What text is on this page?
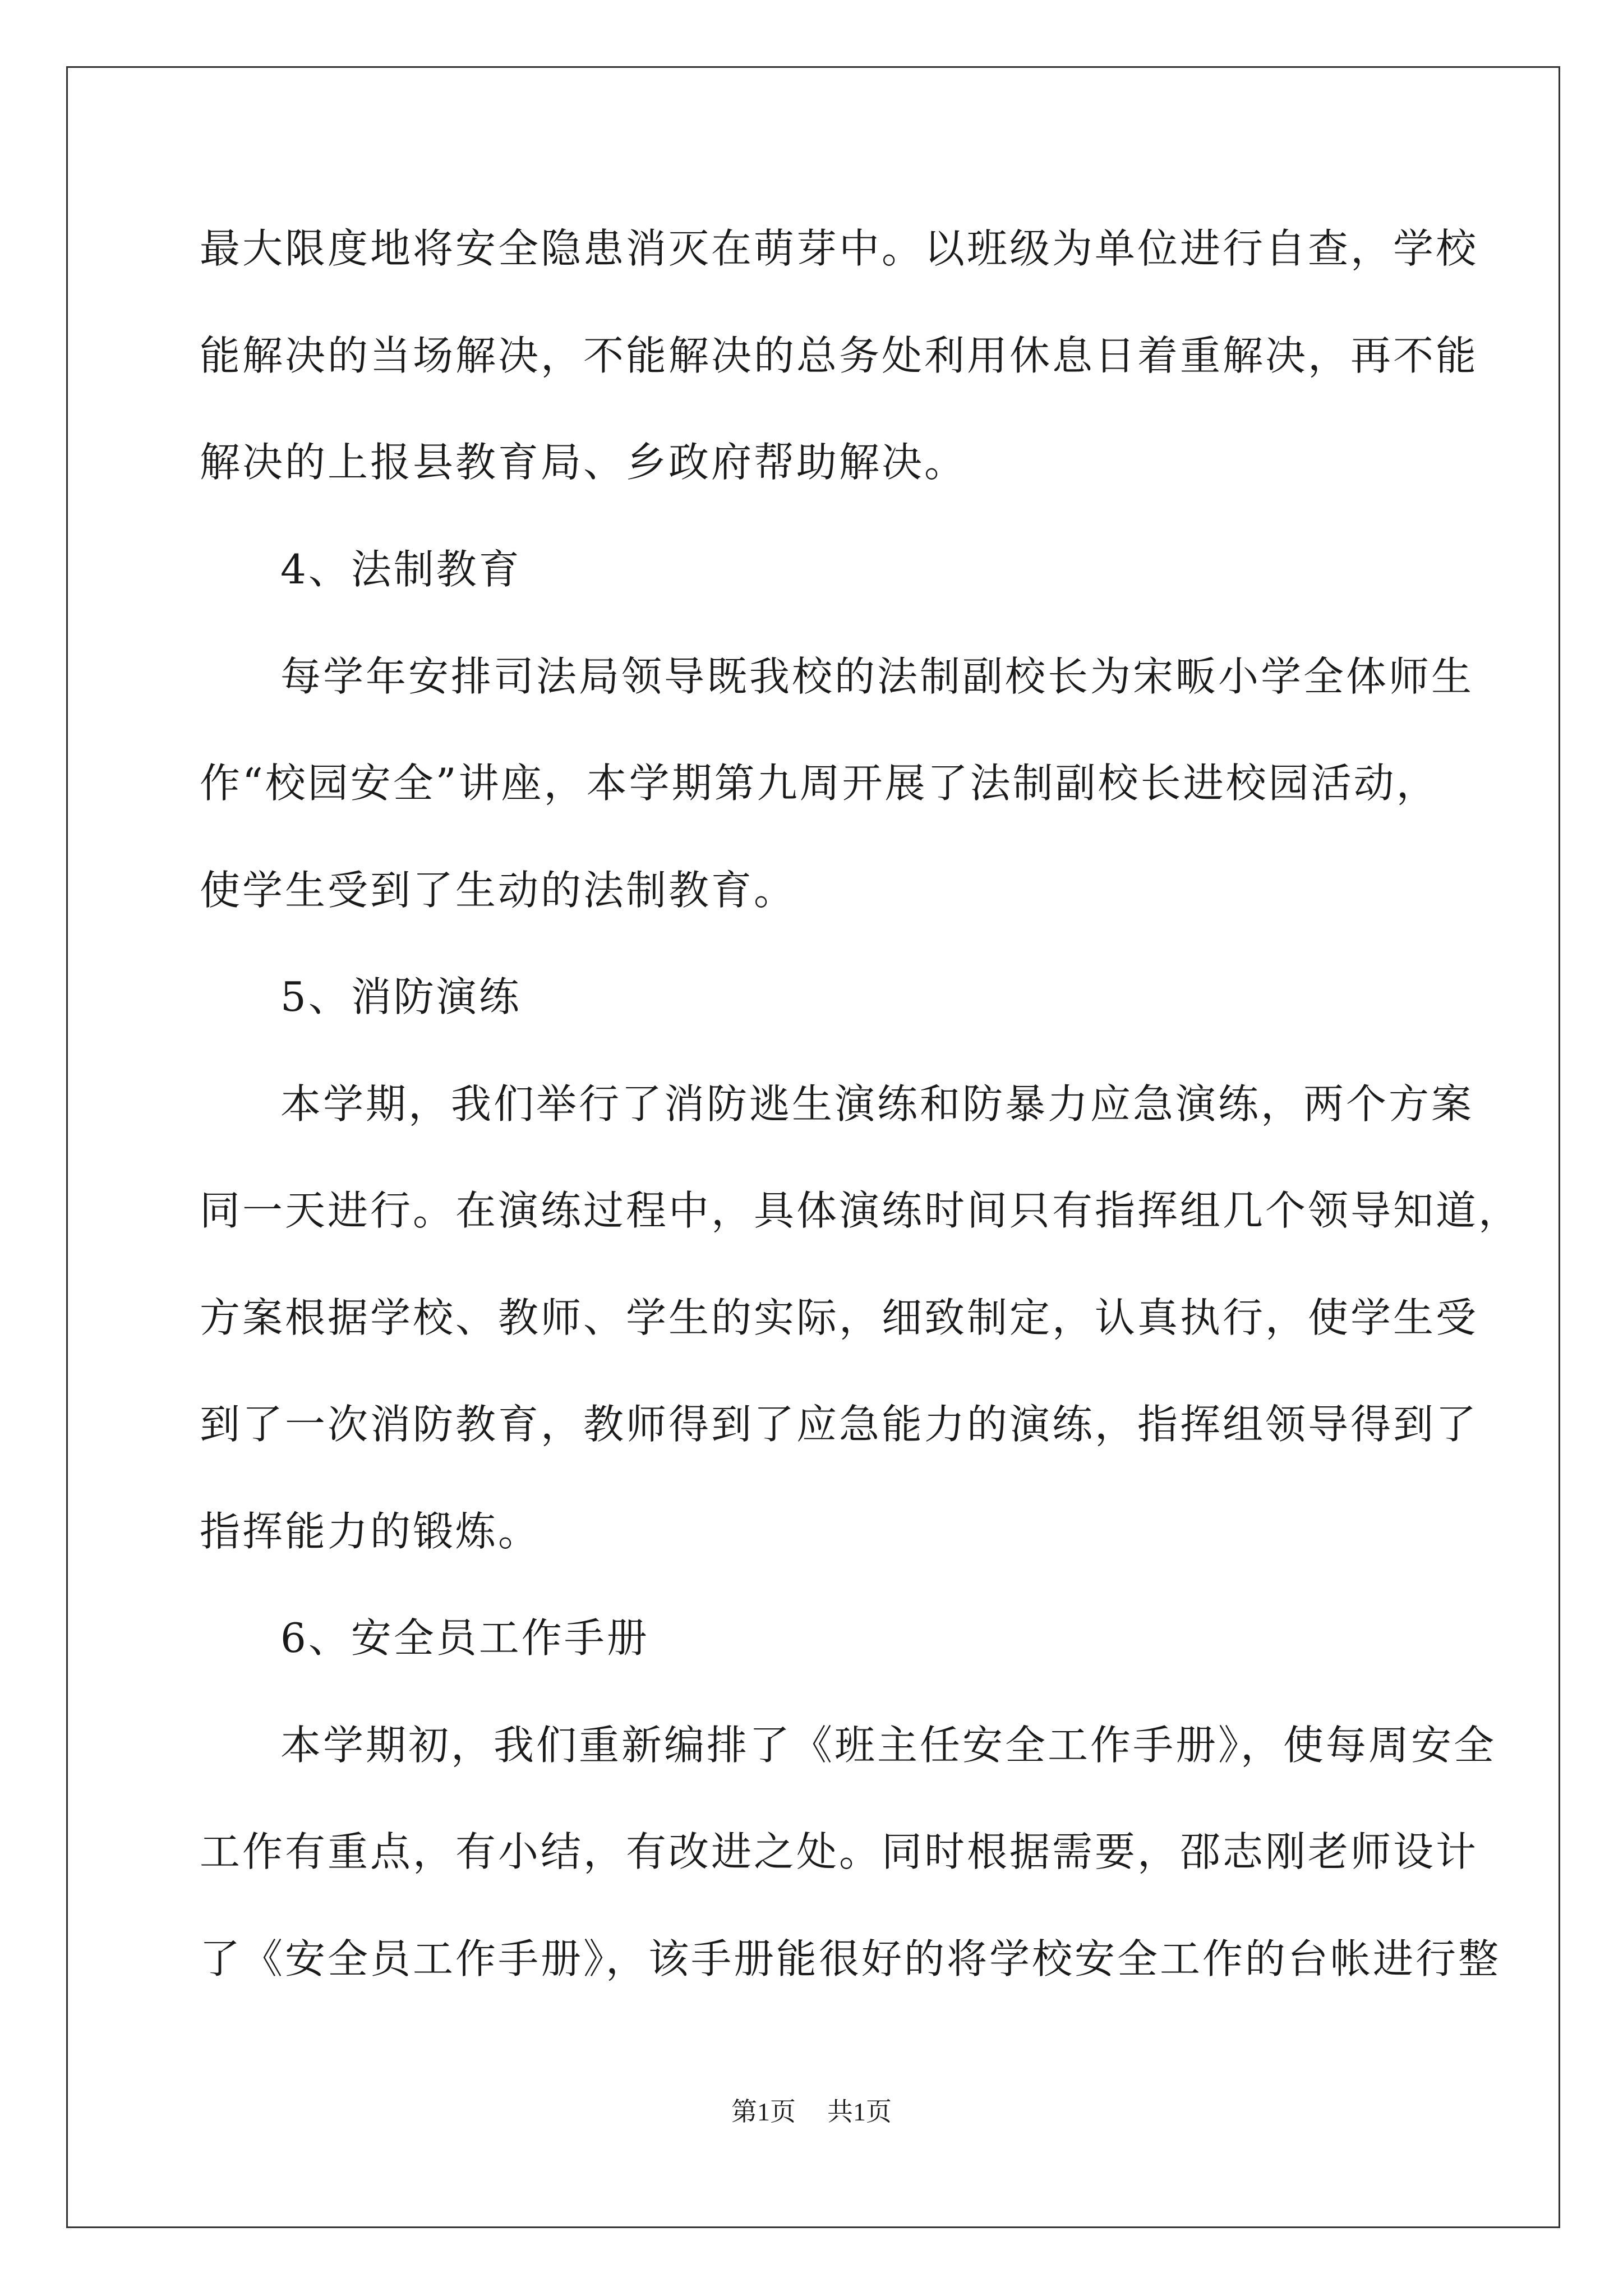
最大限度地将安全隐患消灭在萌芽中。以班级为单位进行自查，学校
能解决的当场解决，不能解决的总务处利用休息日着重解决，再不能
解决的上报县教育局、乡政府帮助解决。
4、法制教育
每学年安排司法局领导既我校的法制副校长为宋畈小学全体师生
作“校园安全”讲座，本学期第九周开展了法制副校长进校园活动，
使学生受到了生动的法制教育。
5、消防演练
本学期，我们举行了消防逃生演练和防暴力应急演练，两个方案
同一天进行。在演练过程中，具体演练时间只有指挥组几个领导知道，
方案根据学校、教师、学生的实际，细致制定，认真执行，使学生受
到了一次消防教育，教师得到了应急能力的演练，指挥组领导得到了
指挥能力的锻炼。
6、安全员工作手册
本学期初，我们重新编排了《班主任安全工作手册》，使每周安全
工作有重点，有小结，有改进之处。同时根据需要，邵志刚老师设计
了《安全员工作手册》，该手册能很好的将学校安全工作的台帐进行整
第1页 共1页
